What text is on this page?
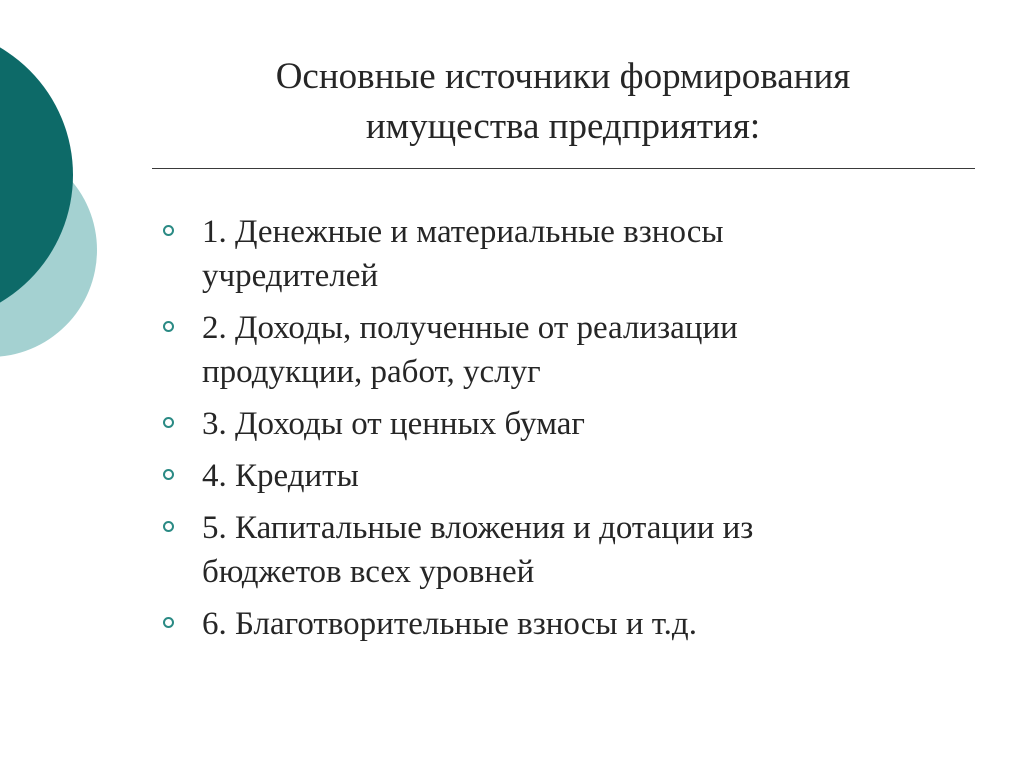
Основные источники формирования
имущества предприятия:
1. Денежные и материальные взносы
учредителей
2. Доходы, полученные от реализации
продукции, работ, услуг
3. Доходы от ценных бумаг
4. Кредиты
5. Капитальные вложения и дотации из
бюджетов всех уровней
6. Благотворительные взносы и т.д.
